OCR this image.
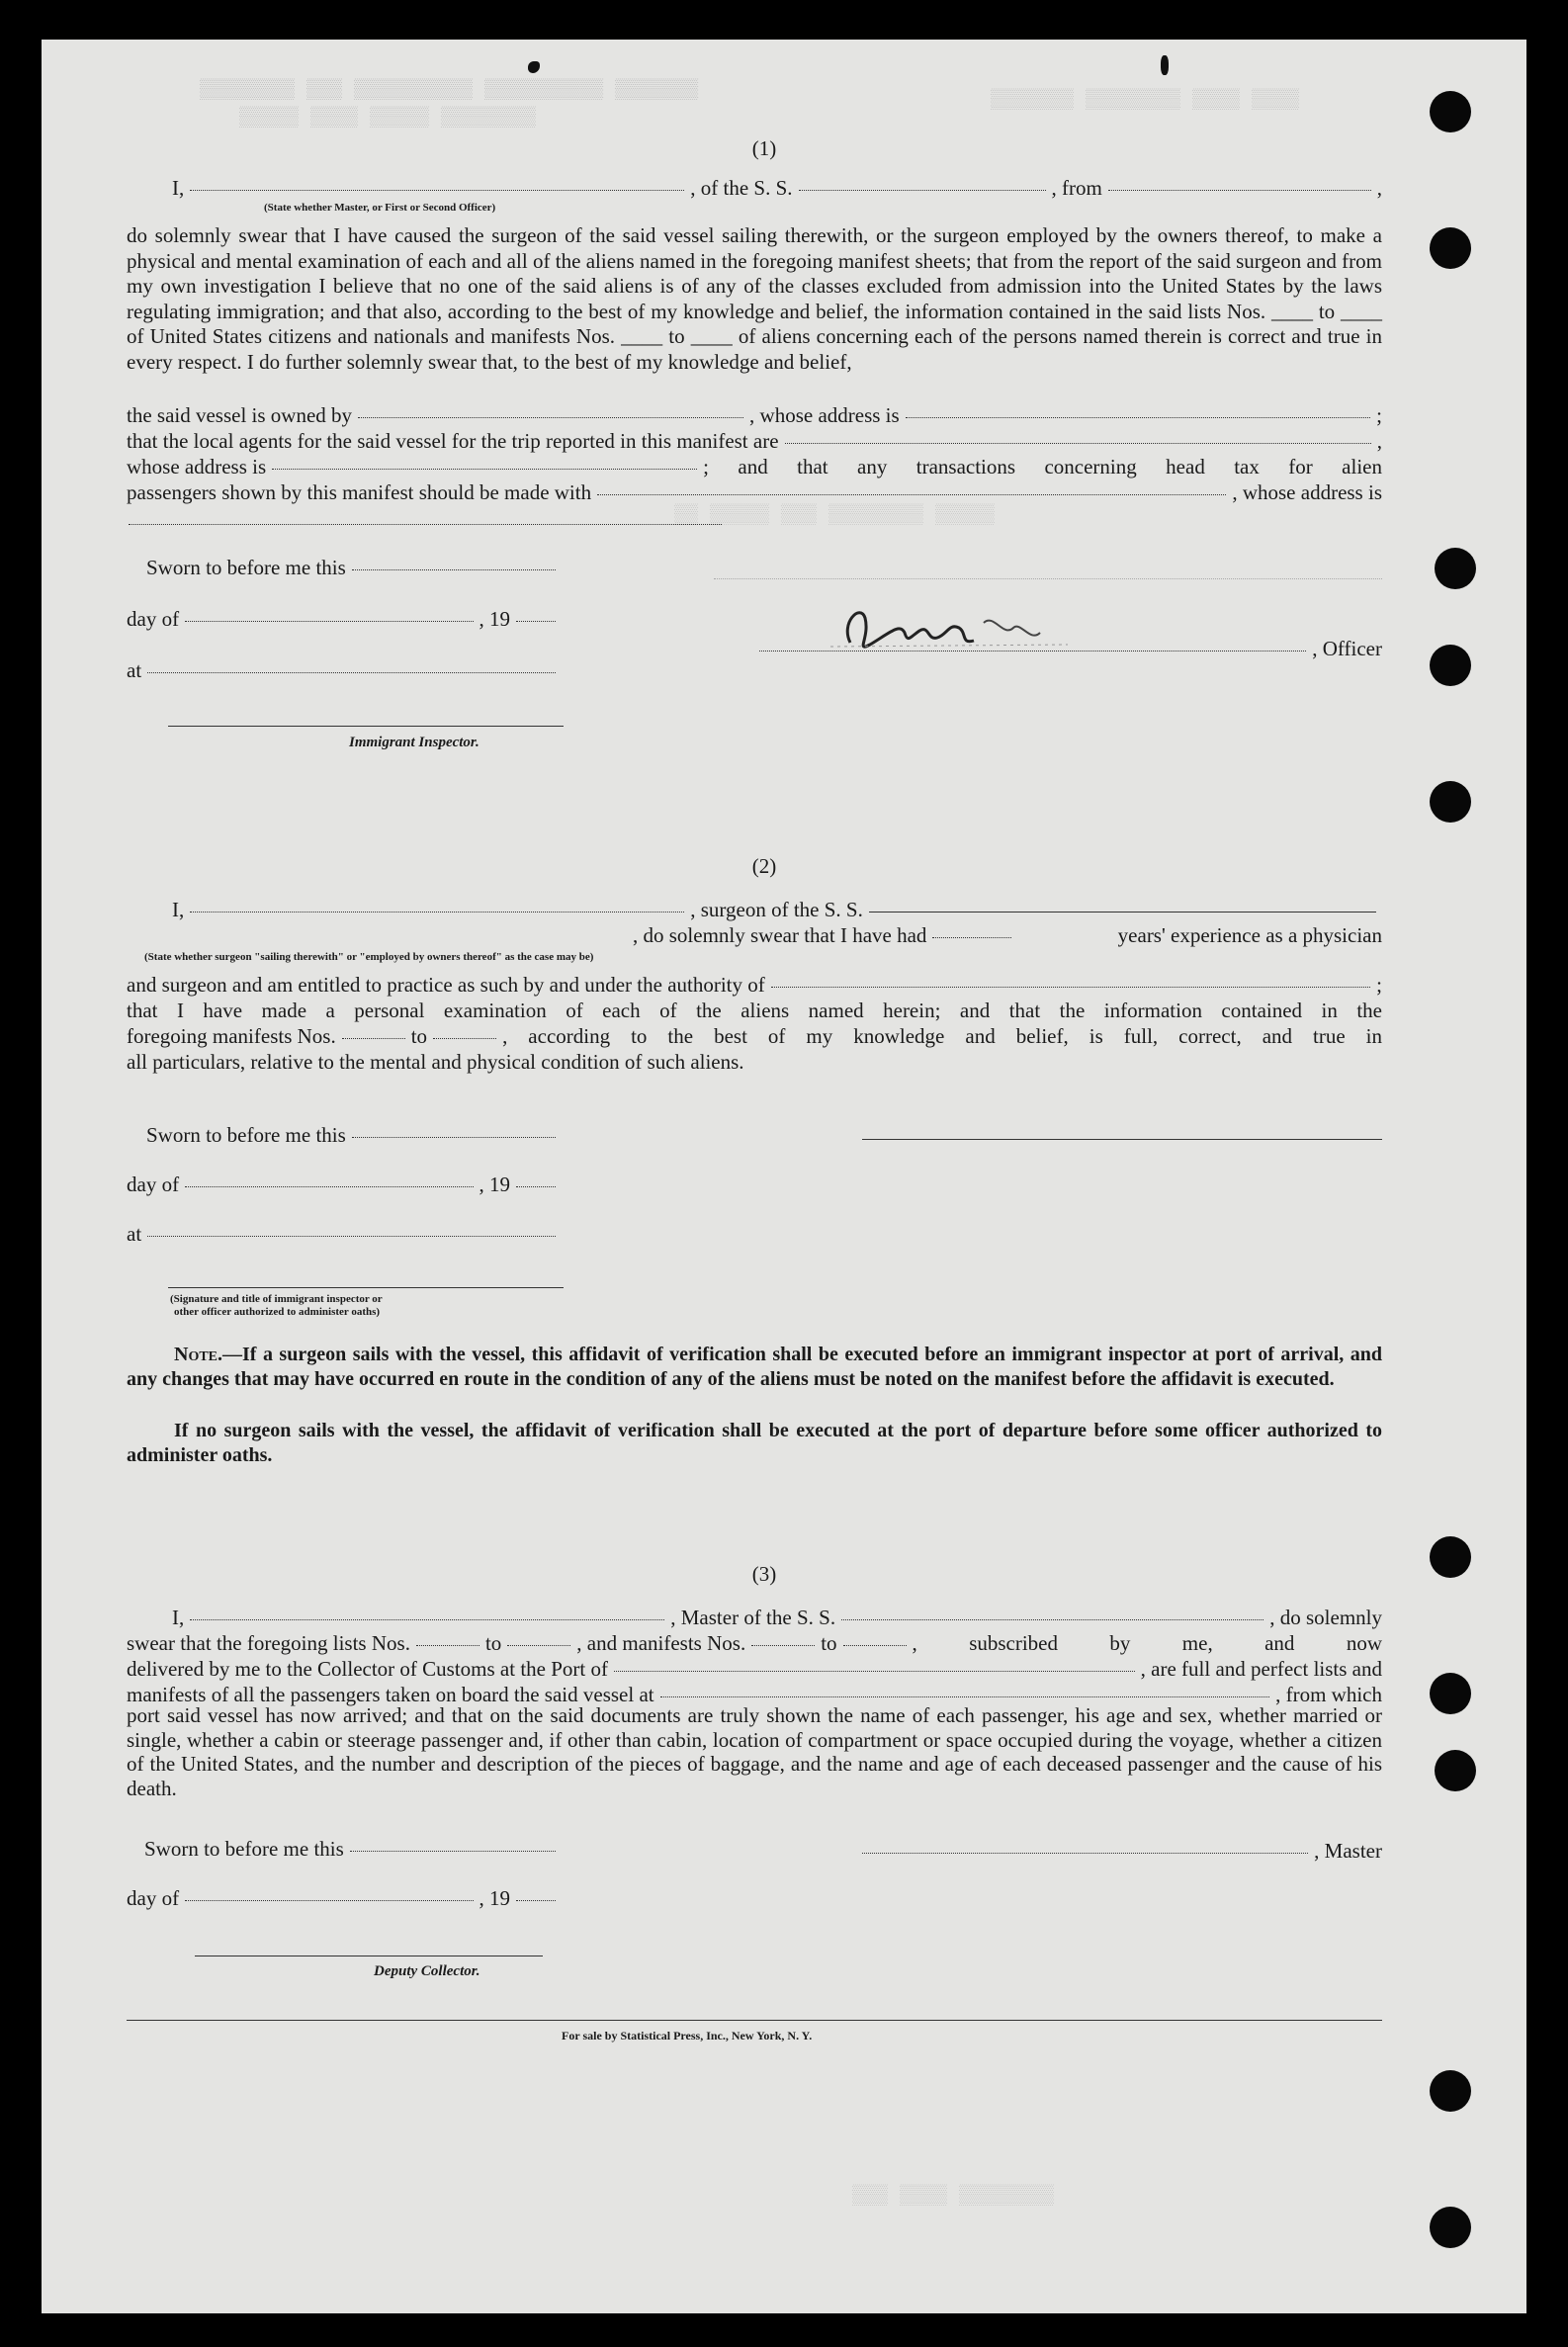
▒▒▒▒▒▒▒▒ ▒▒▒ ▒▒▒▒▒▒▒▒▒▒ ▒▒▒▒▒▒▒▒▒▒ ▒▒▒▒▒▒▒
▒▒▒▒▒ ▒▒▒▒ ▒▒▒▒▒ ▒▒▒▒▒▒▒▒
▒▒▒▒▒▒▒ ▒▒▒▒▒▒▒▒ ▒▒▒▒ ▒▒▒▒
▒▒ ▒▒▒▒▒ ▒▒▒ ▒▒▒▒▒▒▒▒ ▒▒▒▒▒
▒▒▒ ▒▒▒▒ ▒▒▒▒▒▒▒▒
(1)
I,	, of the S. S.	, from	,
(State whether Master, or First or Second Officer)
do solemnly swear that I have caused the surgeon of the said vessel sailing therewith, or the surgeon employed by the owners thereof, to make a physical and mental examination of each and all of the aliens named in the foregoing manifest sheets; that from the report of the said surgeon and from my own investigation I believe that no one of the said aliens is of any of the classes excluded from admission into the United States by the laws regulating immigration; and that also, according to the best of my knowledge and belief, the information contained in the said lists Nos. ____ to ____ of United States citizens and nationals and manifests Nos. ____ to ____ of aliens concerning each of the persons named therein is correct and true in every respect. I do further solemnly swear that, to the best of my knowledge and belief,
the said vessel is owned by	, whose address is	;
that the local agents for the said vessel for the trip reported in this manifest are	,
whose address is	; and that any transactions concerning head tax for alien
passengers shown by this manifest should be made with	, whose address is
Sworn to before me this
day of	, 19
at
Immigrant Inspector.
, Officer
(2)
I,	, surgeon of the S. S.
, do solemnly swear that I have had	years' experience as a physician
(State whether surgeon "sailing therewith" or "employed by owners thereof" as the case may be)
and surgeon and am entitled to practice as such by and under the authority of	;
that I have made a personal examination of each of the aliens named herein; and that the information contained in the
foregoing manifests Nos.	to	, according to the best of my knowledge and belief, is full, correct, and true in
all particulars, relative to the mental and physical condition of such aliens.
Sworn to before me this
day of	, 19
at
(Signature and title of immigrant inspector or
other officer authorized to administer oaths)
Note.—If a surgeon sails with the vessel, this affidavit of verification shall be executed before an immigrant inspector at port of arrival, and any changes that may have occurred en route in the condition of any of the aliens must be noted on the manifest before the affidavit is executed.
If no surgeon sails with the vessel, the affidavit of verification shall be executed at the port of departure before some officer authorized to administer oaths.
(3)
I,	, Master of the S. S.	, do solemnly
swear that the foregoing lists Nos.	to	, and manifests Nos.	to	, subscribed by me, and now
delivered by me to the Collector of Customs at the Port of	, are full and perfect lists and
manifests of all the passengers taken on board the said vessel at	, from which
port said vessel has now arrived; and that on the said documents are truly shown the name of each passenger, his age and sex, whether married or single, whether a cabin or steerage passenger and, if other than cabin, location of compartment or space occupied during the voyage, whether a citizen of the United States, and the number and description of the pieces of baggage, and the name and age of each deceased passenger and the cause of his death.
Sworn to before me this	, Master
day of	, 19
Deputy Collector.
For sale by Statistical Press, Inc., New York, N. Y.
